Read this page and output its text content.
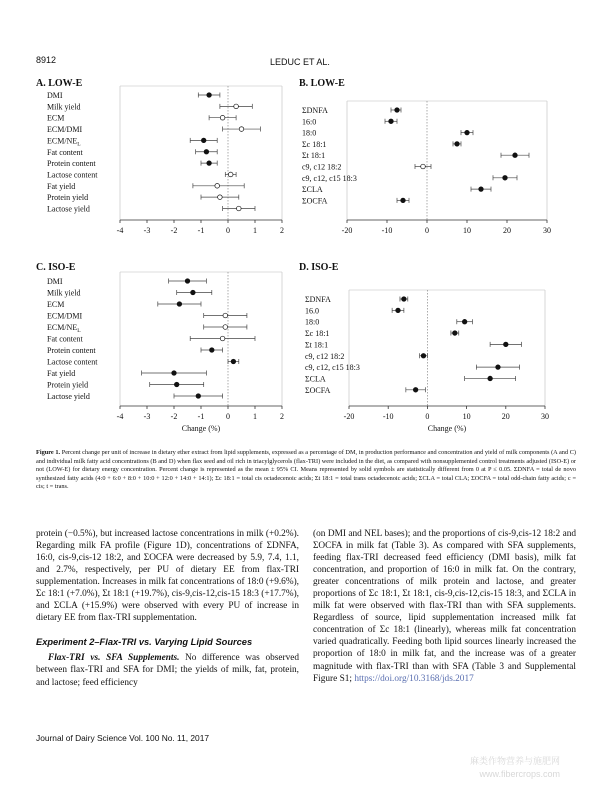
8912	LEDUC ET AL.
A. LOW-E
-4	-3	-2	-1	0	1	2
DMI
Milk yield
ECM
ECM/DMI
ECM/$NE_L$
Fat content
Protein content
Lactose content
Fat yield
Protein yield
Lactose yield
B. LOW-E
-20	-10	0	10	20	30
ΣDNFA
16:0
18:0
Σc 18:1
Σt 18:1
c9, c12 18:2
c9, c12, c15 18:3
ΣCLA
ΣOCFA
C. ISO-E
-4	-3	-2	-1	0	1	2
Change (%)
DMI
Milk yield
ECM
ECM/DMI
ECM/$NE_L$
Fat content
Protein content
Lactose content
Fat yield
Protein yield
Lactose yield
D. ISO-E
-20	-10	0	10	20	30
Change (%)
ΣDNFA
16.0
18:0
Σc 18:1
Σt 18:1
c9, c12 18:2
c9, c12, c15 18:3
ΣCLA
ΣOCFA
Figure 1. Percent change per unit of increase in dietary ether extract from lipid supplements, expressed as a percentage of DM, in production performance and concentration and yield of milk components (A and C) and individual milk fatty acid concentrations (B and D) when flax seed and oil rich in triacylglycerols (flax-TRI) were included in the diet, as compared with nonsupplemented control treatments adjusted (ISO-E) or not (LOW-E) for dietary energy concentration. Percent change is represented as the mean ± 95% CI. Means represented by solid symbols are statistically different from 0 at P ≤ 0.05. ΣDNFA = total de novo synthesized fatty acids (4:0 + 6:0 + 8:0 + 10:0 + 12:0 + 14:0 + 14:1); Σc 18:1 = total cis octadecenoic acids; Σt 18:1 = total trans octadecenoic acids; ΣCLA = total CLA; ΣOCFA = total odd-chain fatty acids; c = cis; t = trans.

protein (−0.5%), but increased lactose concentrations in milk (+0.2%). Regarding milk FA profile (Figure 1D), concentrations of ΣDNFA, 16:0, cis-9,cis-12 18:2, and ΣOCFA were decreased by 5.9, 7.4, 1.1, and 2.7%, respectively, per PU of dietary EE from flax-TRI supplementation. Increases in milk fat concentrations of 18:0 (+9.6%), Σc 18:1 (+7.0%), Σt 18:1 (+19.7%), cis-9,cis-12,cis-15 18:3 (+17.7%), and ΣCLA (+15.9%) were observed with every PU of increase in dietary EE from flax-TRI supplementation.

Experiment 2–Flax-TRI vs. Varying Lipid Sources

Flax-TRI vs. SFA Supplements. No difference was observed between flax-TRI and SFA for DMI; the yields of milk, fat, protein, and lactose; feed efficiency

(on DMI and NEL bases); and the proportions of cis-9,cis-12 18:2 and ΣOCFA in milk fat (Table 3). As compared with SFA supplements, feeding flax-TRI decreased feed efficiency (DMI basis), milk fat concentration, and proportion of 16:0 in milk fat. On the contrary, greater concentrations of milk protein and lactose, and greater proportions of Σc 18:1, Σt 18:1, cis-9,cis-12,cis-15 18:3, and ΣCLA in milk fat were observed with flax-TRI than with SFA supplements. Regardless of source, lipid supplementation increased milk fat concentration of Σc 18:1 (linearly), whereas milk fat concentration varied quadratically. Feeding both lipid sources linearly increased the proportion of 18:0 in milk fat, and the increase was of a greater magnitude with flax-TRI than with SFA (Table 3 and Supplemental Figure S1; https://doi.org/10.3168/jds.2017

Journal of Dairy Science Vol. 100 No. 11, 2017
麻类作物营养与施肥网
www.fibercrops.com
